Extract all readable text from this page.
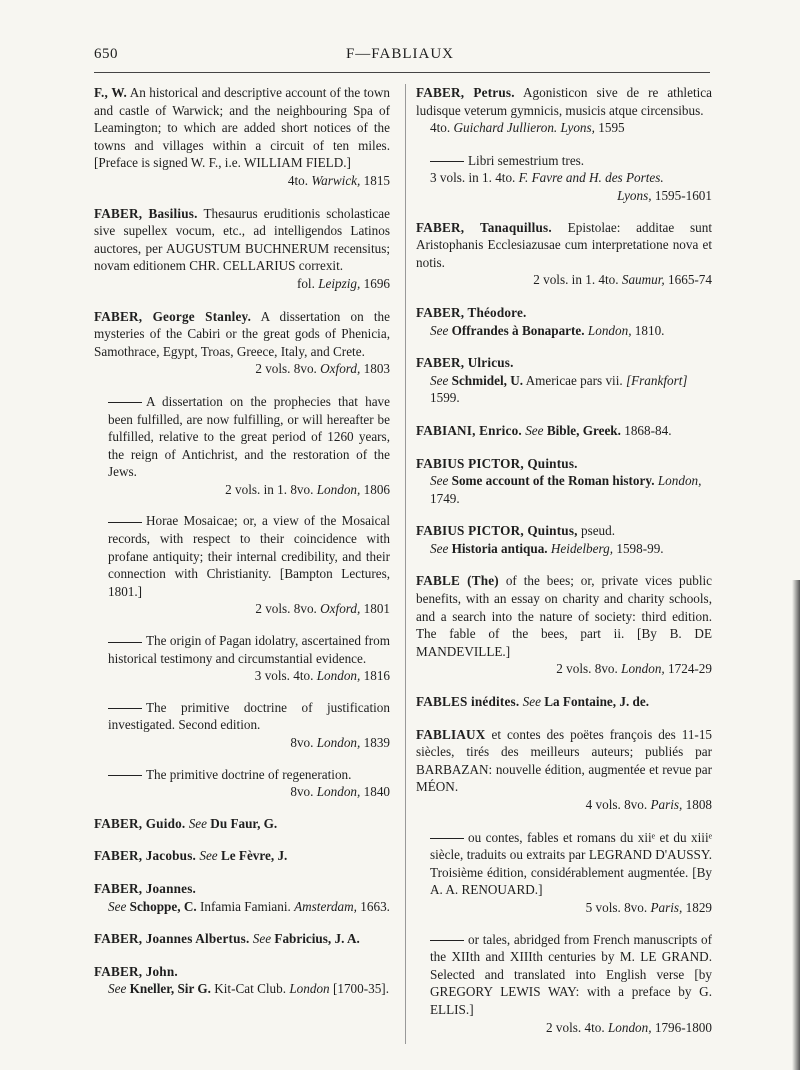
650	F—FABLIAUX
F., W. An historical and descriptive account of the town and castle of Warwick; and the neighbouring Spa of Leamington; to which are added short notices of the towns and villages within a circuit of ten miles. [Preface is signed W. F., i.e. WILLIAM FIELD.]
4to. Warwick, 1815
FABER, Basilius. Thesaurus eruditionis scholasticae sive supellex vocum, etc., ad intelligendos Latinos auctores, per AUGUSTUM BUCHNERUM recensitus; novam editionem CHR. CELLARIUS correxit.
fol. Leipzig, 1696
FABER, George Stanley. A dissertation on the mysteries of the Cabiri or the great gods of Phenicia, Samothrace, Egypt, Troas, Greece, Italy, and Crete.
2 vols. 8vo. Oxford, 1803
A dissertation on the prophecies that have been fulfilled, are now fulfilling, or will hereafter be fulfilled, relative to the great period of 1260 years, the reign of Antichrist, and the restoration of the Jews.
2 vols. in 1. 8vo. London, 1806
Horae Mosaicae; or, a view of the Mosaical records, with respect to their coincidence with profane antiquity; their internal credibility, and their connection with Christianity. [Bampton Lectures, 1801.]
2 vols. 8vo. Oxford, 1801
The origin of Pagan idolatry, ascertained from historical testimony and circumstantial evidence.
3 vols. 4to. London, 1816
The primitive doctrine of justification investigated. Second edition.
8vo. London, 1839
The primitive doctrine of regeneration.
8vo. London, 1840
FABER, Guido. See Du Faur, G.
FABER, Jacobus. See Le Fèvre, J.
FABER, Joannes.
See Schoppe, C. Infamia Famiani. Amsterdam, 1663.
FABER, Joannes Albertus. See Fabricius, J. A.
FABER, John.
See Kneller, Sir G. Kit-Cat Club. London [1700-35].
FABER, Petrus. Agonisticon sive de re athletica ludisque veterum gymnicis, musicis atque circensibus.
4to. Guichard Jullieron. Lyons, 1595
Libri semestrium tres.
3 vols. in 1. 4to. F. Favre and H. des Portes.
Lyons, 1595-1601
FABER, Tanaquillus. Epistolae: additae sunt Aristophanis Ecclesiazusae cum interpretatione nova et notis.
2 vols. in 1. 4to. Saumur, 1665-74
FABER, Théodore.
See Offrandes à Bonaparte. London, 1810.
FABER, Ulricus.
See Schmidel, U. Americae pars vii. [Frankfort] 1599.
FABIANI, Enrico. See Bible, Greek. 1868-84.
FABIUS PICTOR, Quintus.
See Some account of the Roman history. London, 1749.
FABIUS PICTOR, Quintus, pseud.
See Historia antiqua. Heidelberg, 1598-99.
FABLE (The) of the bees; or, private vices public benefits, with an essay on charity and charity schools, and a search into the nature of society: third edition. The fable of the bees, part ii. [By B. DE MANDEVILLE.]
2 vols. 8vo. London, 1724-29
FABLES inédites. See La Fontaine, J. de.
FABLIAUX et contes des poëtes françois des 11-15 siècles, tirés des meilleurs auteurs; publiés par BARBAZAN: nouvelle édition, augmentée et revue par MÉON.
4 vols. 8vo. Paris, 1808
ou contes, fables et romans du xiiᵉ et du xiiiᵉ siècle, traduits ou extraits par LEGRAND D'AUSSY. Troisième édition, considérablement augmentée. [By A. A. RENOUARD.]
5 vols. 8vo. Paris, 1829
or tales, abridged from French manuscripts of the XIIth and XIIIth centuries by M. LE GRAND. Selected and translated into English verse [by GREGORY LEWIS WAY: with a preface by G. ELLIS.]
2 vols. 4to. London, 1796-1800
